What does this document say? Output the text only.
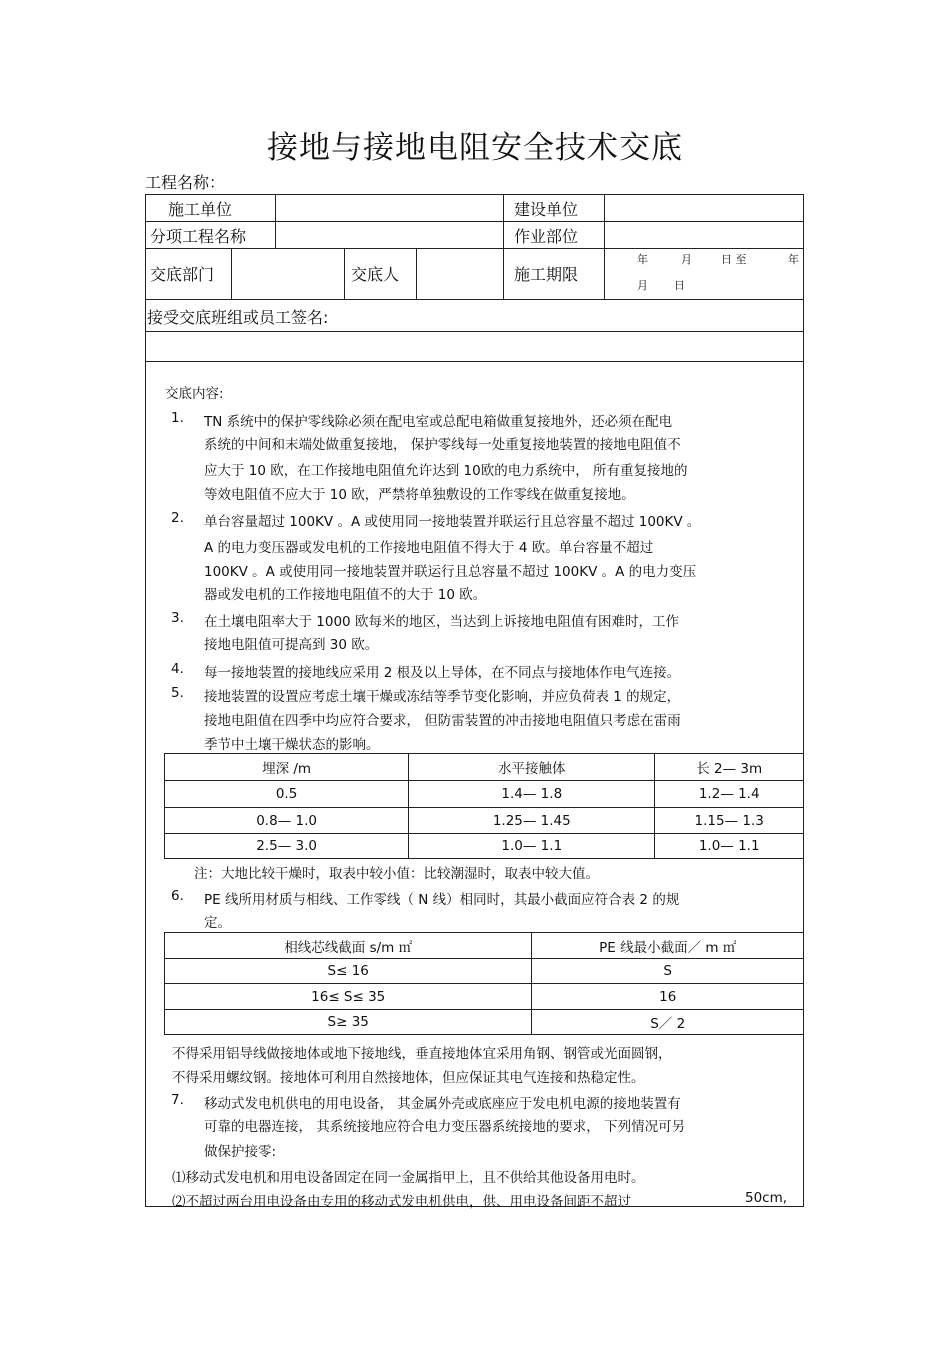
接地与接地电阻安全技术交底
工程名称：
施工单位	建设单位
分项工程名称	作业部位
交底部门	交底人	施工期限
年	月	日 至	年
月 日
接受交底班组或员工签名:
交底内容:
1. TN 系统中的保护零线除必须在配电室或总配电箱做重复接地外，还必须在配电
系统的中间和末端处做重复接地， 保护零线每一处重复接地装置的接地电阻值不
应大于 10 欧，在工作接地电阻值允许达到 10欧的电力系统中， 所有重复接地的
等效电阻值不应大于 10 欧，严禁将单独敷设的工作零线在做重复接地。
2. 单台容量超过 100KV 。A 或使用同一接地装置并联运行且总容量不超过 100KV 。
A 的电力变压器或发电机的工作接地电阻值不得大于 4 欧。单台容量不超过
100KV 。A 或使用同一接地装置并联运行且总容量不超过 100KV 。A 的电力变压
器或发电机的工作接地电阻值不的大于 10 欧。
3. 在土壤电阻率大于 1000 欧每米的地区，当达到上诉接地电阻值有困难时，工作
接地电阻值可提高到 30 欧。
4. 每一接地装置的接地线应采用 2 根及以上导体，在不同点与接地体作电气连接。
5. 接地装置的设置应考虑土壤干燥或冻结等季节变化影响，并应负荷表 1 的规定，
接地电阻值在四季中均应符合要求， 但防雷装置的冲击接地电阻值只考虑在雷雨
季节中土壤干燥状态的影响。
埋深 /m	水平接触体	长 2— 3m
0.5	1.4— 1.8	1.2— 1.4
0.8— 1.0	1.25— 1.45	1.15— 1.3
2.5— 3.0	1.0— 1.1	1.0— 1.1
注：大地比较干燥时，取表中较小值：比较潮湿时，取表中较大值。
6. PE 线所用材质与相线、工作零线（ N 线）相同时，其最小截面应符合表 2 的规
定。
相线芯线截面 s/m ㎡	PE 线最小截面／ m ㎡
S≤ 16	S
16≤ S≤ 35	16
S≥ 35	S／ 2
不得采用铝导线做接地体或地下接地线，垂直接地体宜采用角钢、钢管或光面圆钢，
不得采用螺纹钢。接地体可利用自然接地体，但应保证其电气连接和热稳定性。
7. 移动式发电机供电的用电设备， 其金属外壳或底座应于发电机电源的接地装置有
可靠的电器连接， 其系统接地应符合电力变压器系统接地的要求， 下列情况可另
做保护接零:
⑴移动式发电机和用电设备固定在同一金属指甲上，且不供给其他设备用电时。
⑵不超过两台用电设备由专用的移动式发电机供电，供、用电设备间距不超过	50cm,
